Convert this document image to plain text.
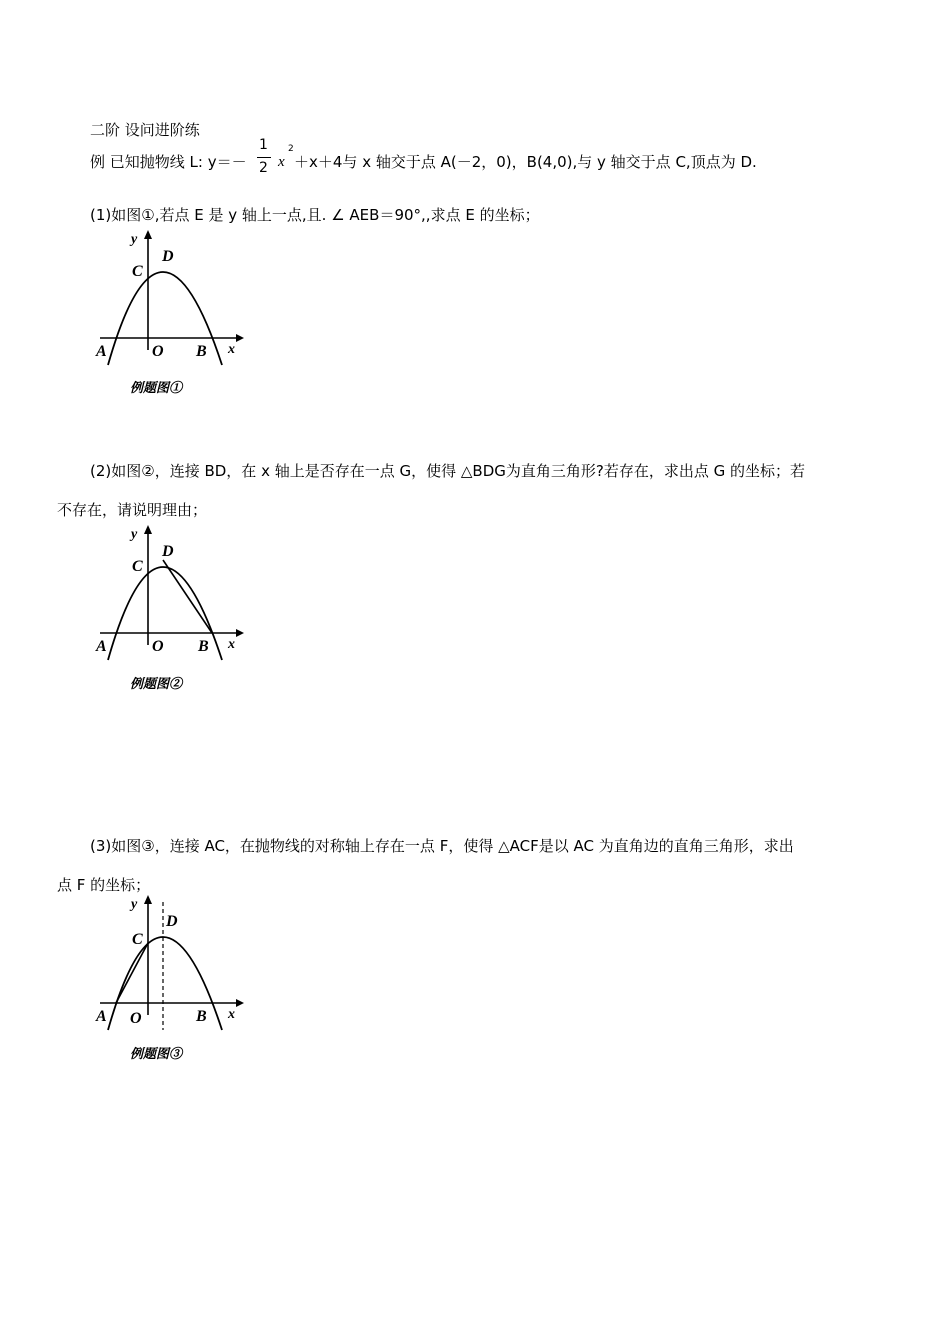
二阶 设问进阶练
例 已知抛物线 L: y＝－
1
2 x
2
＋x＋4与 x 轴交于点 A(－2，0)，B(4,0),与 y 轴交于点 C,顶点为 D.
(1)如图①,若点 E 是 y 轴上一点,且. ∠ AEB＝90°,,求点 E 的坐标；
y
x
C
D
A	O B
例题图①
(2)如图②，连接 BD，在 x 轴上是否存在一点 G，使得 △BDG为直角三角形?若存在，求出点 G 的坐标；若
不存在，请说明理由；
y
x
C
D
A	O B
例题图②
(3)如图③，连接 AC，在抛物线的对称轴上存在一点 F，使得 △ACF是以 AC 为直角边的直角三角形，求出
点 F 的坐标；
y
x
C
D
A O	B
例题图③
